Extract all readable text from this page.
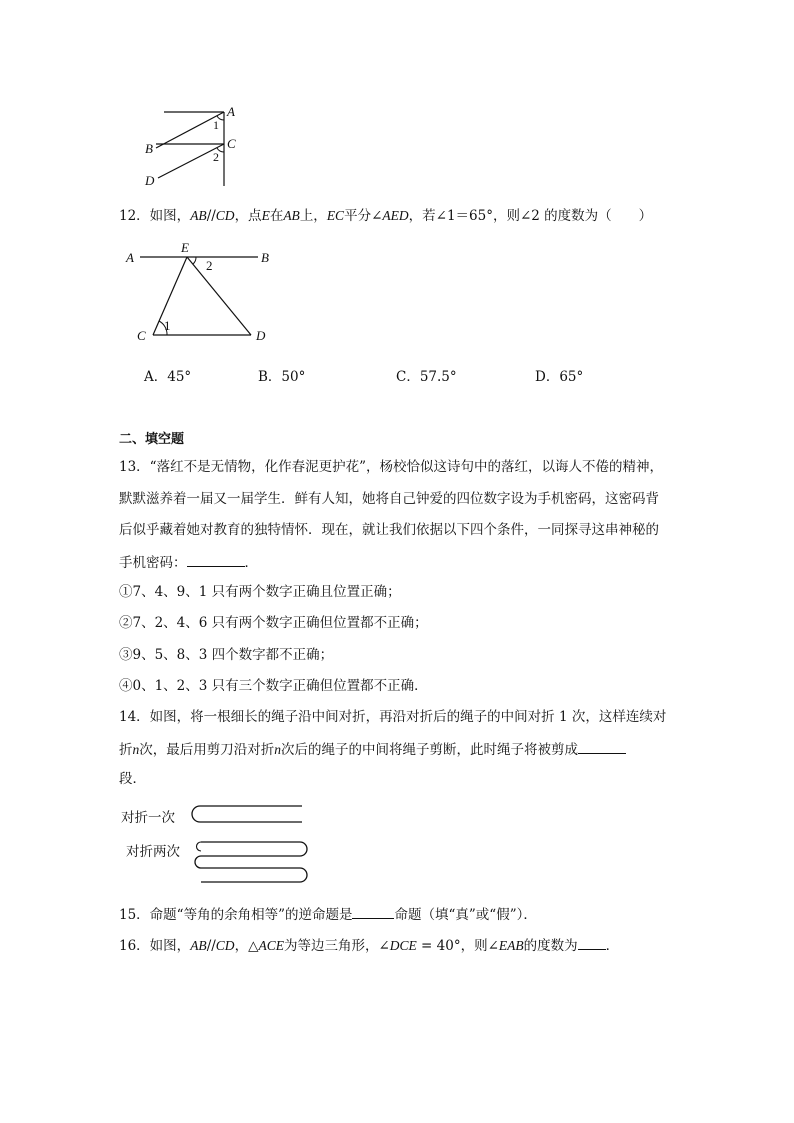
A
1
B	C
2
D
12．如图，AB//CD，点E在AB上，EC平分∠AED，若∠1＝65°，则∠2 的度数为（　　）
A
E
2
B
C
1
D
A．45°	B．50°	C．57.5°	D．65°
二、填空题
13．“落红不是无情物，化作春泥更护花”，杨校恰似这诗句中的落红，以诲人不倦的精神，
默默滋养着一届又一届学生．鲜有人知，她将自己钟爱的四位数字设为手机密码，这密码背
后似乎藏着她对教育的独特情怀．现在，就让我们依据以下四个条件，一同探寻这串神秘的
手机密码：	．
①7、4、9、1 只有两个数字正确且位置正确；
②7、2、4、6 只有两个数字正确但位置都不正确；
③9、5、8、3 四个数字都不正确；
④0、1、2、3 只有三个数字正确但位置都不正确．
14．如图，将一根细长的绳子沿中间对折，再沿对折后的绳子的中间对折 1 次，这样连续对
折n次，最后用剪刀沿对折n次后的绳子的中间将绳子剪断，此时绳子将被剪成
段．
对折一次
对折两次
15．命题“等角的余角相等”的逆命题是	命题（填“真”或“假”）．
16．如图，AB//CD，△ACE为等边三角形，∠DCE = 40°，则∠EAB的度数为 ．
